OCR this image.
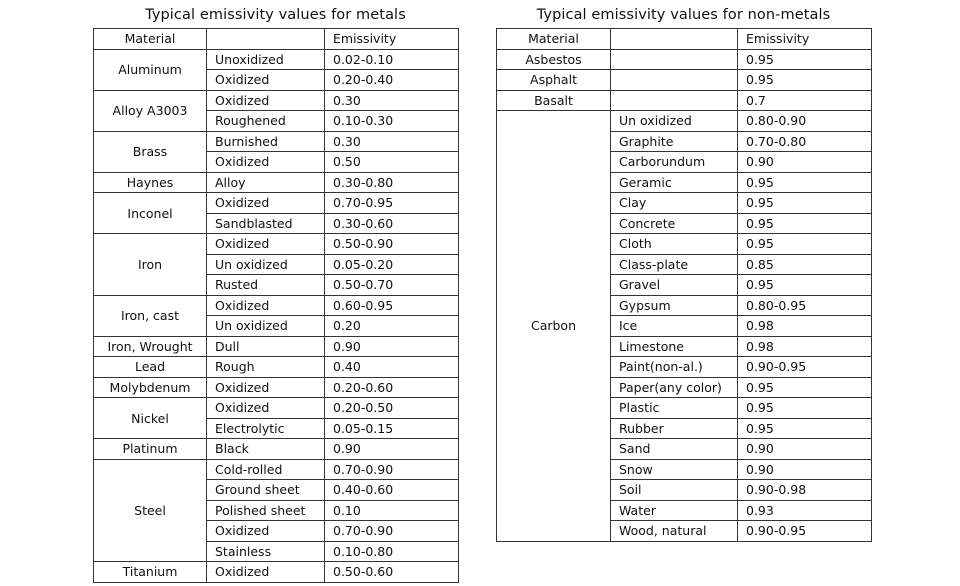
Typical emissivity values for metals
Material		Emissivity
Aluminum	Unoxidized	0.02-0.10
	Oxidized	0.20-0.40
Alloy A3003	Oxidized	0.30
	Roughened	0.10-0.30
Brass	Burnished	0.30
	Oxidized	0.50
Haynes	Alloy	0.30-0.80
Inconel	Oxidized	0.70-0.95
	Sandblasted	0.30-0.60
Iron	Oxidized	0.50-0.90
	Un oxidized	0.05-0.20
	Rusted	0.50-0.70
Iron, cast	Oxidized	0.60-0.95
	Un oxidized	0.20
Iron, Wrought	Dull	0.90
Lead	Rough	0.40
Molybdenum	Oxidized	0.20-0.60
Nickel	Oxidized	0.20-0.50
	Electrolytic	0.05-0.15
Platinum	Black	0.90
Steel	Cold-rolled	0.70-0.90
	Ground sheet	0.40-0.60
	Polished sheet	0.10
	Oxidized	0.70-0.90
	Stainless	0.10-0.80
Titanium	Oxidized	0.50-0.60
Typical emissivity values for non-metals
Material		Emissivity
Asbestos		0.95
Asphalt		0.95
Basalt		0.7
Carbon	Un oxidized	0.80-0.90
	Graphite	0.70-0.80
	Carborundum	0.90
	Geramic	0.95
	Clay	0.95
	Concrete	0.95
	Cloth	0.95
	Class-plate	0.85
	Gravel	0.95
	Gypsum	0.80-0.95
	Ice	0.98
	Limestone	0.98
	Paint(non-al.)	0.90-0.95
	Paper(any color)	0.95
	Plastic	0.95
	Rubber	0.95
	Sand	0.90
	Snow	0.90
	Soil	0.90-0.98
	Water	0.93
	Wood, natural	0.90-0.95
